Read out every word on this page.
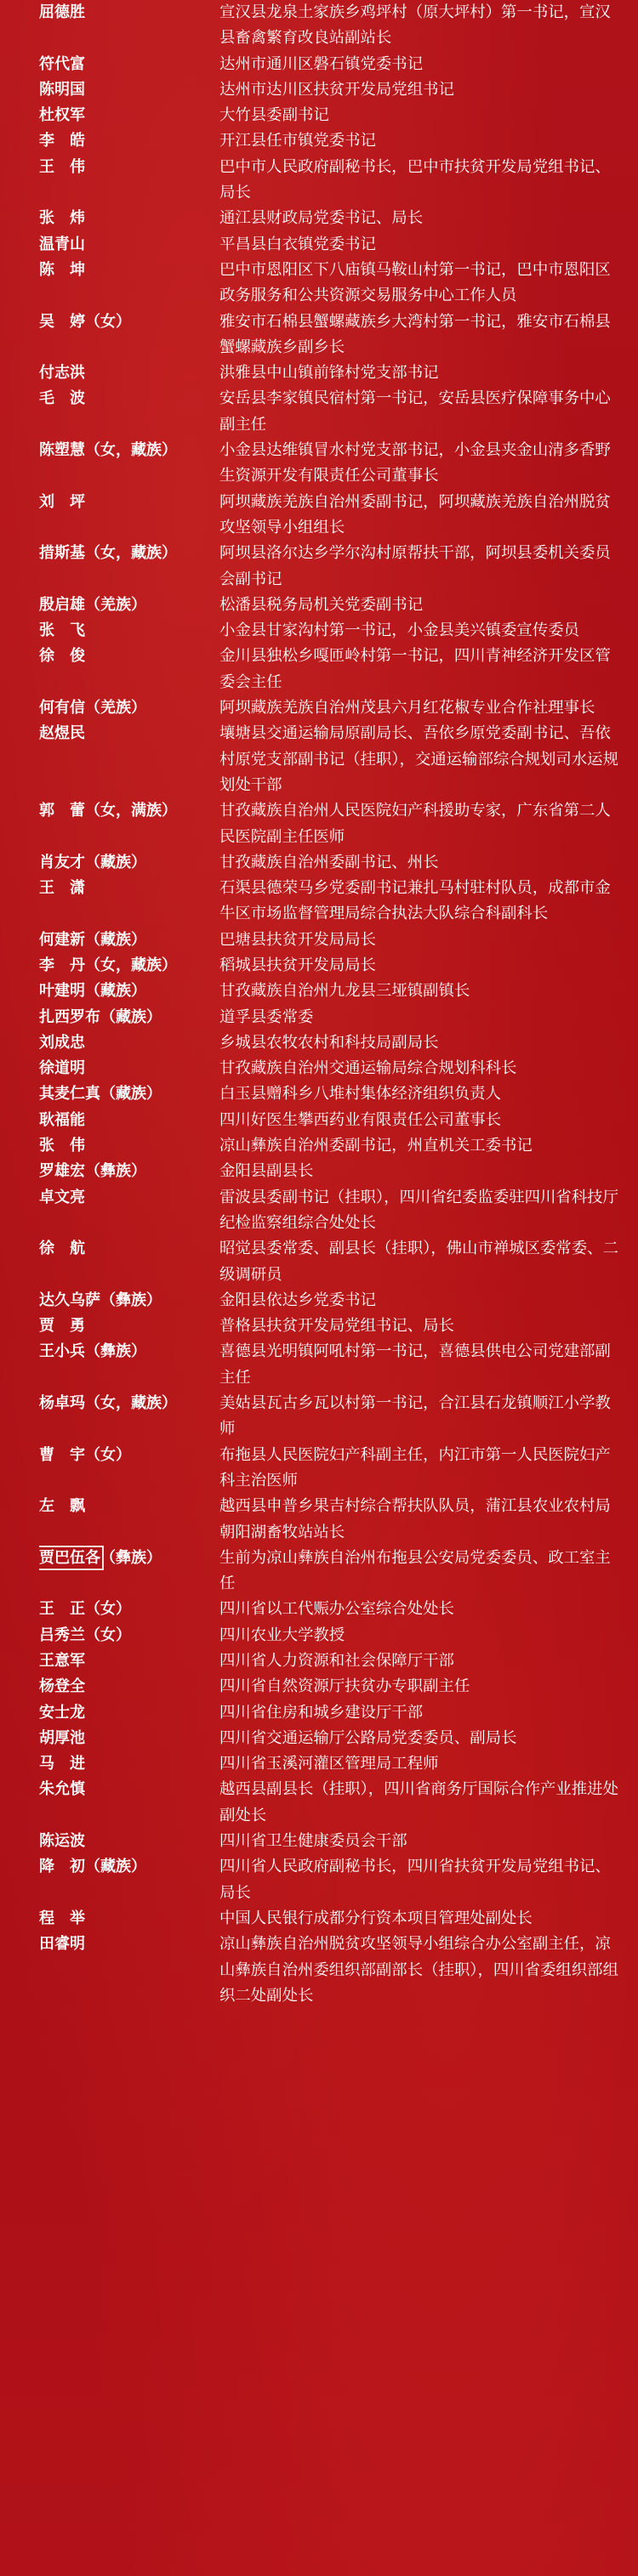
屈德胜	宣汉县龙泉土家族乡鸡坪村（原大坪村）第一书记，宣汉县畜禽繁育改良站副站长
符代富	达州市通川区磐石镇党委书记
陈明国	达州市达川区扶贫开发局党组书记
杜权军	大竹县委副书记
李　皓	开江县任市镇党委书记
王　伟	巴中市人民政府副秘书长，巴中市扶贫开发局党组书记、局长
张　炜	通江县财政局党委书记、局长
温青山	平昌县白衣镇党委书记
陈　坤	巴中市恩阳区下八庙镇马鞍山村第一书记，巴中市恩阳区政务服务和公共资源交易服务中心工作人员
吴　婷（女）	雅安市石棉县蟹螺藏族乡大湾村第一书记，雅安市石棉县蟹螺藏族乡副乡长
付志洪	洪雅县中山镇前锋村党支部书记
毛　波	安岳县李家镇民宿村第一书记，安岳县医疗保障事务中心副主任
陈塑慧（女，藏族）	小金县达维镇冒水村党支部书记，小金县夹金山清多香野生资源开发有限责任公司董事长
刘　坪	阿坝藏族羌族自治州委副书记，阿坝藏族羌族自治州脱贫攻坚领导小组组长
措斯基（女，藏族）	阿坝县洛尔达乡学尔沟村原帮扶干部，阿坝县委机关委员会副书记
殷启雄（羌族）	松潘县税务局机关党委副书记
张　飞	小金县甘家沟村第一书记，小金县美兴镇委宣传委员
徐　俊	金川县独松乡嘎匝岭村第一书记，四川青神经济开发区管委会主任
何有信（羌族）	阿坝藏族羌族自治州茂县六月红花椒专业合作社理事长
赵煜民	壤塘县交通运输局原副局长、吾依乡原党委副书记、吾依村原党支部副书记（挂职），交通运输部综合规划司水运规划处干部
郭　蕾（女，满族）	甘孜藏族自治州人民医院妇产科援助专家，广东省第二人民医院副主任医师
肖友才（藏族）	甘孜藏族自治州委副书记、州长
王　潇	石渠县德荣马乡党委副书记兼扎马村驻村队员，成都市金牛区市场监督管理局综合执法大队综合科副科长
何建新（藏族）	巴塘县扶贫开发局局长
李　丹（女，藏族）	稻城县扶贫开发局局长
叶建明（藏族）	甘孜藏族自治州九龙县三垭镇副镇长
扎西罗布（藏族）	道孚县委常委
刘成忠	乡城县农牧农村和科技局副局长
徐道明	甘孜藏族自治州交通运输局综合规划科科长
其麦仁真（藏族）	白玉县赠科乡八堆村集体经济组织负责人
耿福能	四川好医生攀西药业有限责任公司董事长
张　伟	凉山彝族自治州委副书记，州直机关工委书记
罗雄宏（彝族）	金阳县副县长
卓文亮	雷波县委副书记（挂职），四川省纪委监委驻四川省科技厅纪检监察组综合处处长
徐　航	昭觉县委常委、副县长（挂职），佛山市禅城区委常委、二级调研员
达久乌萨（彝族）	金阳县依达乡党委书记
贾　勇	普格县扶贫开发局党组书记、局长
王小兵（彝族）	喜德县光明镇阿吼村第一书记，喜德县供电公司党建部副主任
杨卓玛（女，藏族）	美姑县瓦古乡瓦以村第一书记，合江县石龙镇顺江小学教师
曹　宇（女）	布拖县人民医院妇产科副主任，内江市第一人民医院妇产科主治医师
左　飘	越西县申普乡果吉村综合帮扶队队员，蒲江县农业农村局朝阳湖畜牧站站长
贾巴伍各（彝族）	生前为凉山彝族自治州布拖县公安局党委委员、政工室主任
王　正（女）	四川省以工代赈办公室综合处处长
吕秀兰（女）	四川农业大学教授
王意军	四川省人力资源和社会保障厅干部
杨登全	四川省自然资源厅扶贫办专职副主任
安士龙	四川省住房和城乡建设厅干部
胡厚池	四川省交通运输厅公路局党委委员、副局长
马　进	四川省玉溪河灌区管理局工程师
朱允慎	越西县副县长（挂职），四川省商务厅国际合作产业推进处副处长
陈运波	四川省卫生健康委员会干部
降　初（藏族）	四川省人民政府副秘书长，四川省扶贫开发局党组书记、局长
程　举	中国人民银行成都分行资本项目管理处副处长
田睿明	凉山彝族自治州脱贫攻坚领导小组综合办公室副主任，凉山彝族自治州委组织部副部长（挂职），四川省委组织部组织二处副处长
